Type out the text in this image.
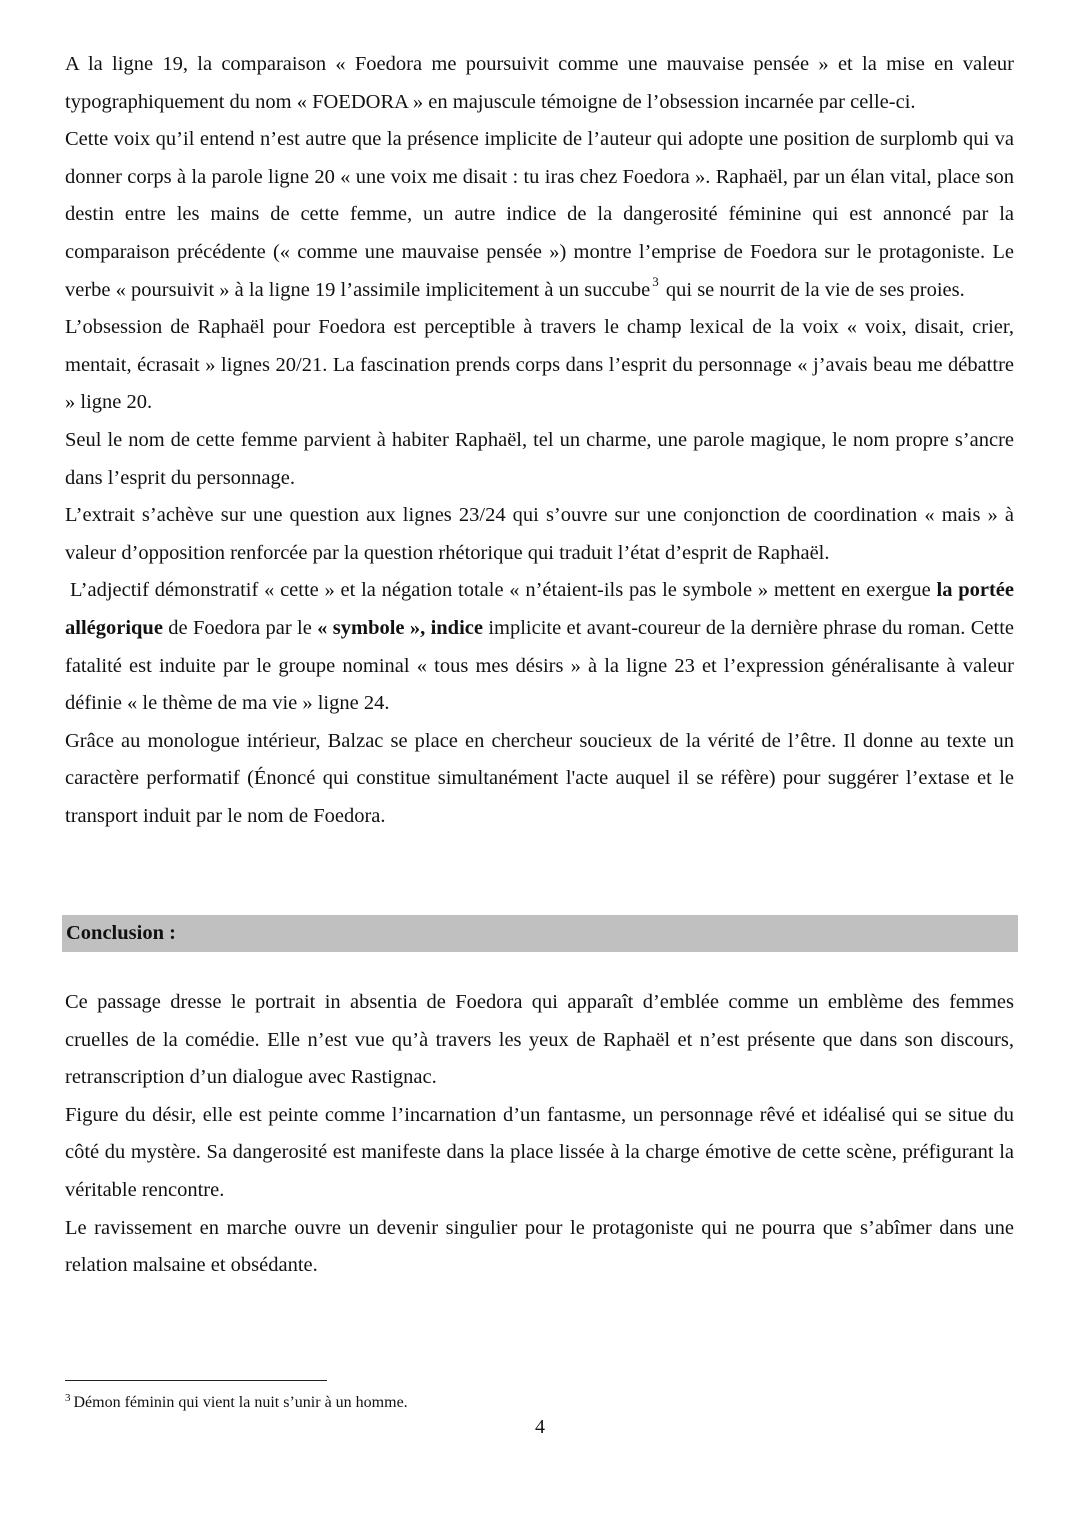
A la ligne 19, la comparaison « Foedora me poursuivit comme une mauvaise pensée » et la mise en valeur typographiquement du nom « FOEDORA » en majuscule témoigne de l’obsession incarnée par celle-ci.

Cette voix qu’il entend n’est autre que la présence implicite de l’auteur qui adopte une position de surplomb qui va donner corps à la parole ligne 20 « une voix me disait : tu iras chez Foedora ». Raphaël, par un élan vital, place son destin entre les mains de cette femme, un autre indice de la dangerosité féminine qui est annoncé par la comparaison précédente (« comme une mauvaise pensée ») montre l’emprise de Foedora sur le protagoniste. Le verbe « poursuivit » à la ligne 19 l’assimile implicitement à un succube $^3$ qui se nourrit de la vie de ses proies.

L’obsession de Raphaël pour Foedora est perceptible à travers le champ lexical de la voix « voix, disait, crier, mentait, écrasait » lignes 20/21. La fascination prends corps dans l’esprit du personnage « j’avais beau me débattre » ligne 20.

Seul le nom de cette femme parvient à habiter Raphaël, tel un charme, une parole magique, le nom propre s’ancre dans l’esprit du personnage.

L’extrait s’achève sur une question aux lignes 23/24 qui s’ouvre sur une conjonction de coordination « mais » à valeur d’opposition renforcée par la question rhétorique qui traduit l’état d’esprit de Raphaël.

L’adjectif démonstratif « cette » et la négation totale « n’étaient-ils pas le symbole » mettent en exergue la portée allégorique de Foedora par le « symbole », indice implicite et avant-coureur de la dernière phrase du roman. Cette fatalité est induite par le groupe nominal « tous mes désirs » à la ligne 23 et l’expression généralisante à valeur définie « le thème de ma vie » ligne 24.

Grâce au monologue intérieur, Balzac se place en chercheur soucieux de la vérité de l’être. Il donne au texte un caractère performatif (Énoncé qui constitue simultanément l'acte auquel il se réfère) pour suggérer l’extase et le transport induit par le nom de Foedora.

Conclusion :

Ce passage dresse le portrait in absentia de Foedora qui apparaît d’emblée comme un emblème des femmes cruelles de la comédie. Elle n’est vue qu’à travers les yeux de Raphaël et n’est présente que dans son discours, retranscription d’un dialogue avec Rastignac.

Figure du désir, elle est peinte comme l’incarnation d’un fantasme, un personnage rêvé et idéalisé qui se situe du côté du mystère. Sa dangerosité est manifeste dans la place lissée à la charge émotive de cette scène, préfigurant la véritable rencontre.

Le ravissement en marche ouvre un devenir singulier pour le protagoniste qui ne pourra que s’abîmer dans une relation malsaine et obsédante.

$^3$ Démon féminin qui vient la nuit s’unir à un homme.
4
